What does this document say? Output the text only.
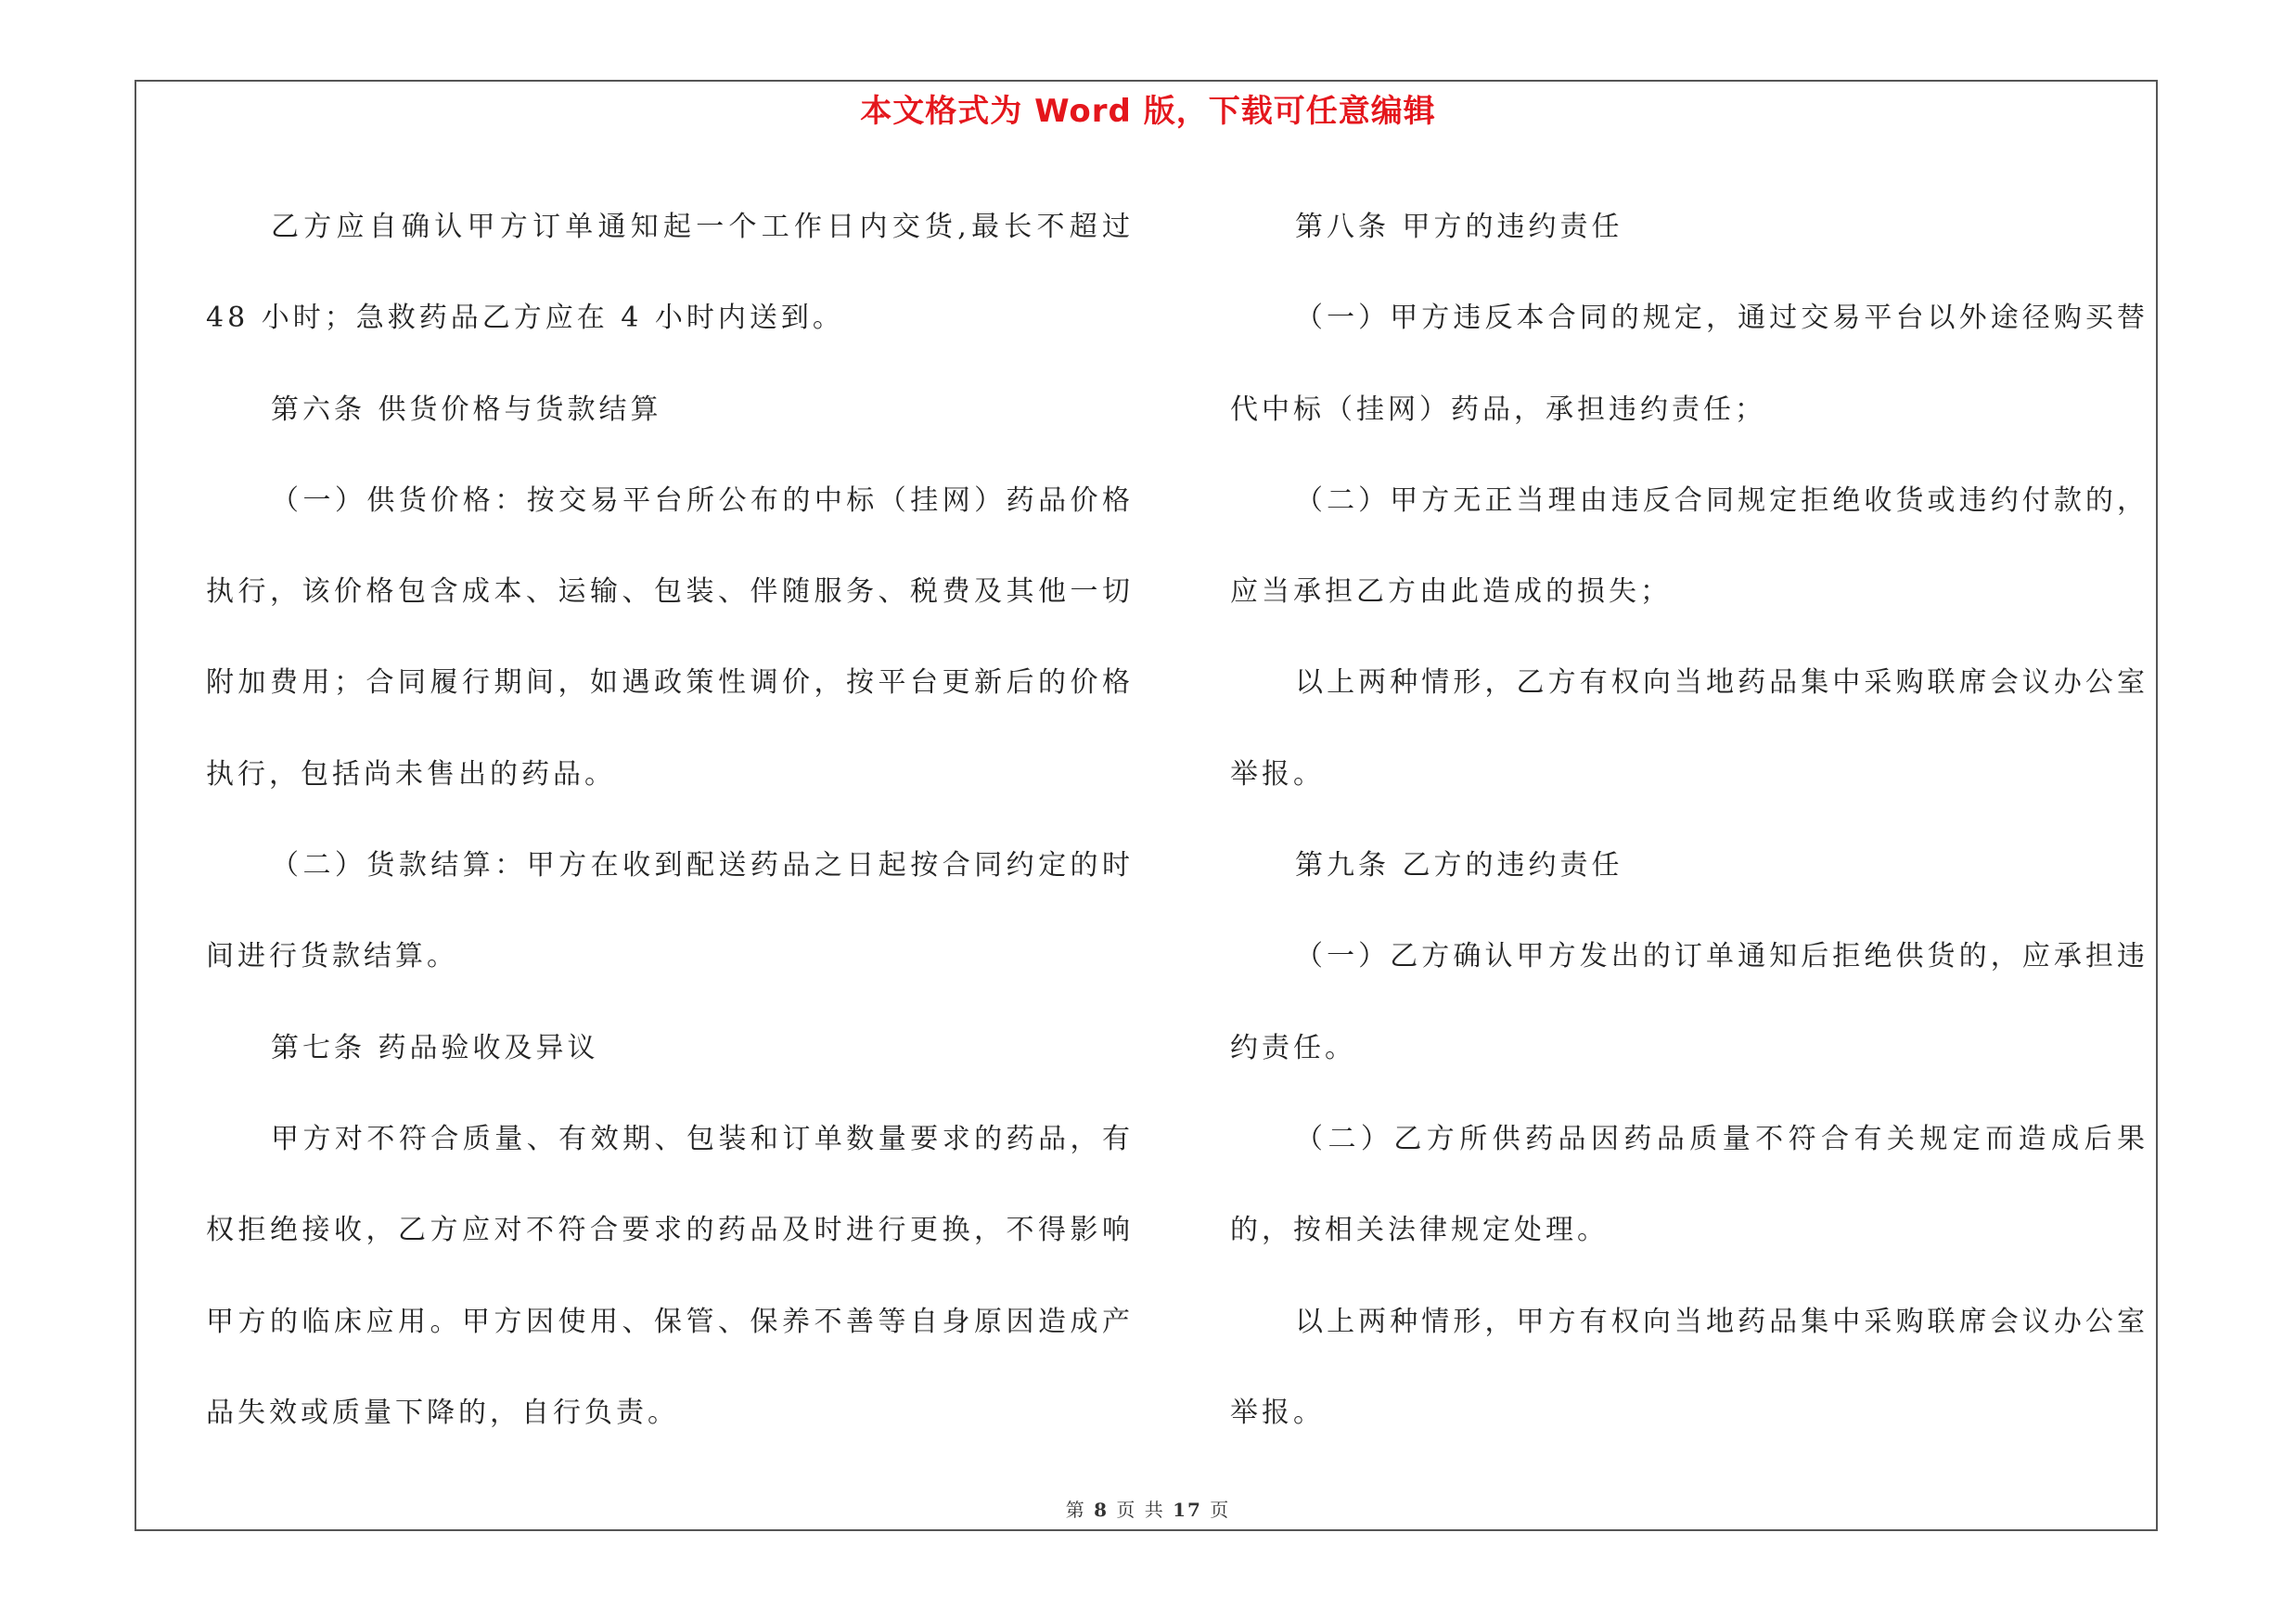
本文格式为 Word 版，下载可任意编辑

乙方应自确认甲方订单通知起一个工作日内交货,最长不超过 48 小时；急救药品乙方应在 4 小时内送到。

第六条 供货价格与货款结算

（一）供货价格：按交易平台所公布的中标（挂网）药品价格执行，该价格包含成本、运输、包装、伴随服务、税费及其他一切附加费用；合同履行期间，如遇政策性调价，按平台更新后的价格执行，包括尚未售出的药品。

（二）货款结算：甲方在收到配送药品之日起按合同约定的时间进行货款结算。

第七条 药品验收及异议

甲方对不符合质量、有效期、包装和订单数量要求的药品，有权拒绝接收，乙方应对不符合要求的药品及时进行更换，不得影响甲方的临床应用。甲方因使用、保管、保养不善等自身原因造成产品失效或质量下降的，自行负责。

第八条 甲方的违约责任

（一）甲方违反本合同的规定，通过交易平台以外途径购买替代中标（挂网）药品，承担违约责任；

（二）甲方无正当理由违反合同规定拒绝收货或违约付款的，应当承担乙方由此造成的损失；

以上两种情形，乙方有权向当地药品集中采购联席会议办公室举报。

第九条 乙方的违约责任

（一）乙方确认甲方发出的订单通知后拒绝供货的，应承担违约责任。

（二）乙方所供药品因药品质量不符合有关规定而造成后果的，按相关法律规定处理。

以上两种情形，甲方有权向当地药品集中采购联席会议办公室举报。

第 8 页 共 17 页
